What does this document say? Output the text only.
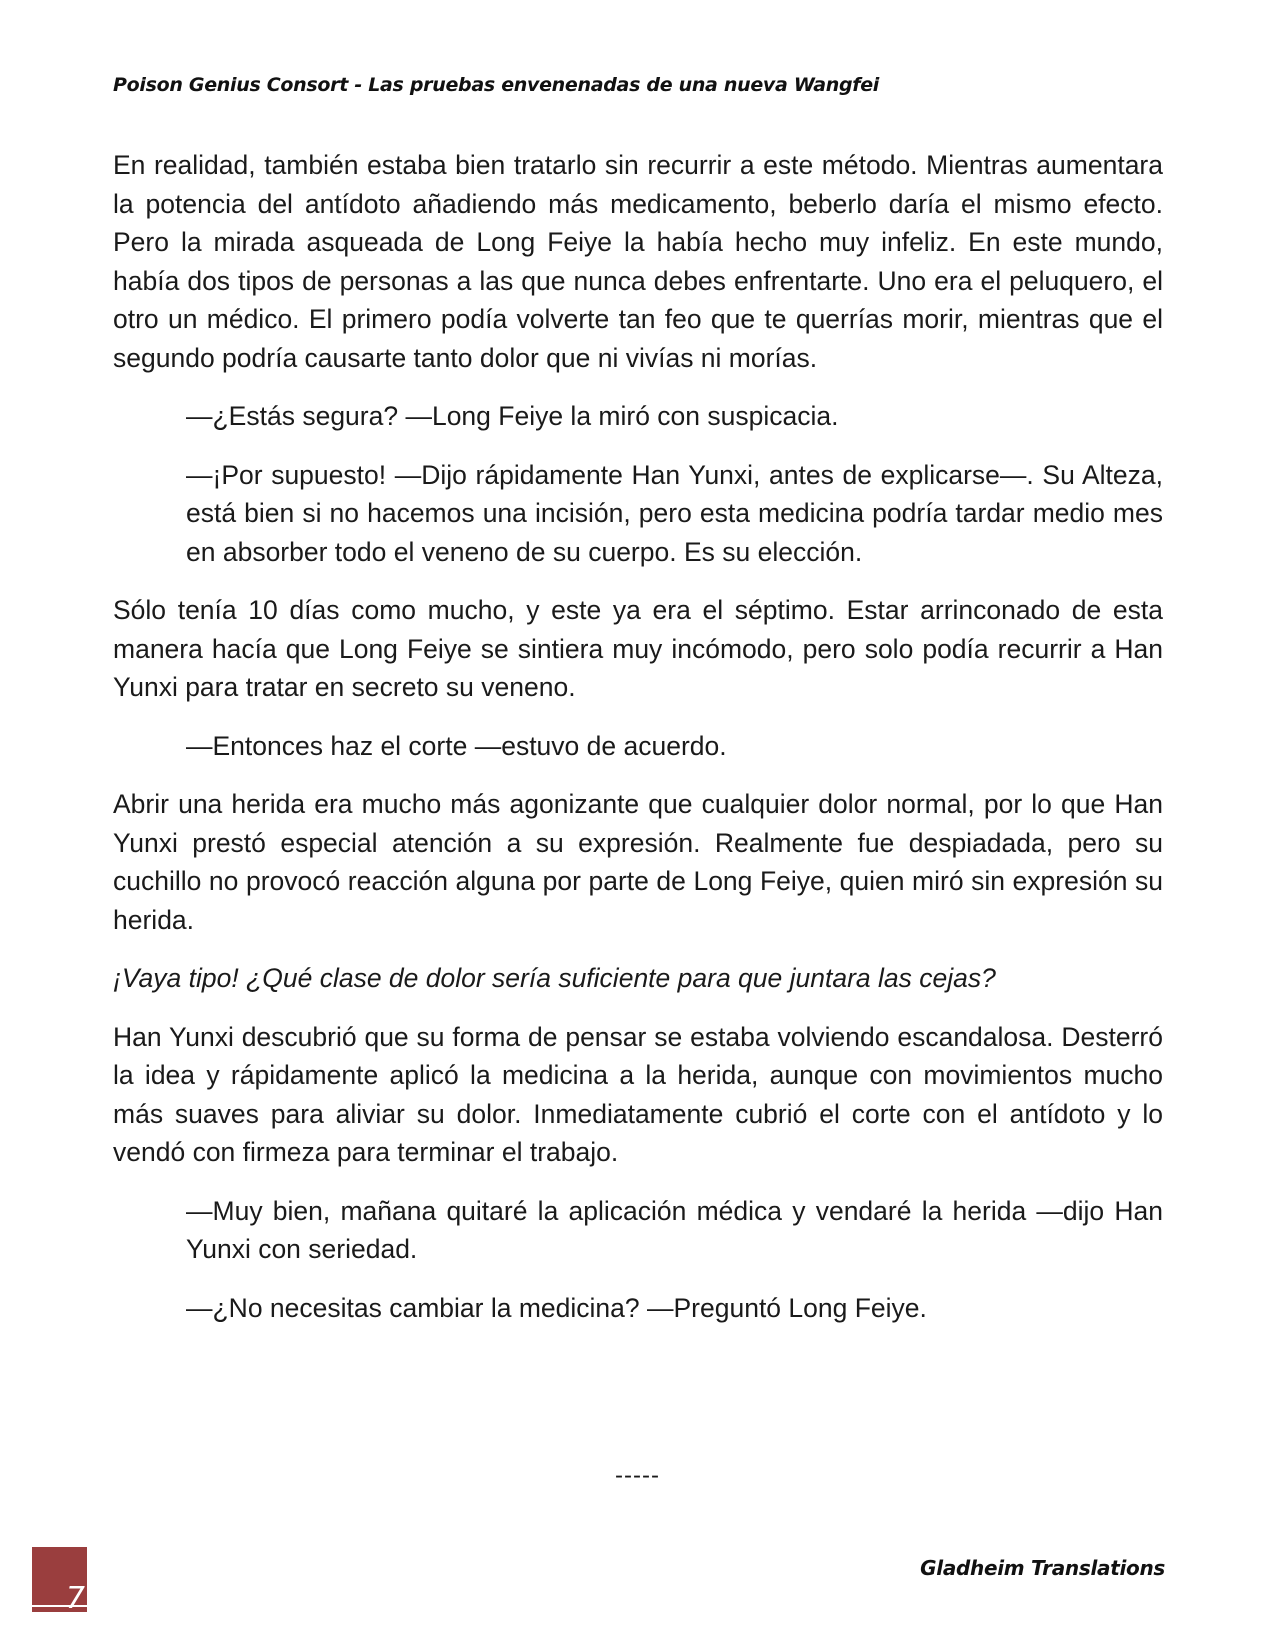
Poison Genius Consort - Las pruebas envenenadas de una nueva Wangfei

En realidad, también estaba bien tratarlo sin recurrir a este método. Mientras aumentara la potencia del antídoto añadiendo más medicamento, beberlo daría el mismo efecto. Pero la mirada asqueada de Long Feiye la había hecho muy infeliz. En este mundo, había dos tipos de personas a las que nunca debes enfrentarte. Uno era el peluquero, el otro un médico. El primero podía volverte tan feo que te querrías morir, mientras que el segundo podría causarte tanto dolor que ni vivías ni morías.

—¿Estás segura? —Long Feiye la miró con suspicacia.

—¡Por supuesto! —Dijo rápidamente Han Yunxi, antes de explicarse—. Su Alteza, está bien si no hacemos una incisión, pero esta medicina podría tardar medio mes en absorber todo el veneno de su cuerpo. Es su elección.

Sólo tenía 10 días como mucho, y este ya era el séptimo. Estar arrinconado de esta manera hacía que Long Feiye se sintiera muy incómodo, pero solo podía recurrir a Han Yunxi para tratar en secreto su veneno.

—Entonces haz el corte —estuvo de acuerdo.

Abrir una herida era mucho más agonizante que cualquier dolor normal, por lo que Han Yunxi prestó especial atención a su expresión. Realmente fue despiadada, pero su cuchillo no provocó reacción alguna por parte de Long Feiye, quien miró sin expresión su herida.

¡Vaya tipo! ¿Qué clase de dolor sería suficiente para que juntara las cejas?

Han Yunxi descubrió que su forma de pensar se estaba volviendo escandalosa. Desterró la idea y rápidamente aplicó la medicina a la herida, aunque con movimientos mucho más suaves para aliviar su dolor. Inmediatamente cubrió el corte con el antídoto y lo vendó con firmeza para terminar el trabajo.

—Muy bien, mañana quitaré la aplicación médica y vendaré la herida —dijo Han Yunxi con seriedad.

—¿No necesitas cambiar la medicina? —Preguntó Long Feiye.

-----
7
Gladheim Translations
